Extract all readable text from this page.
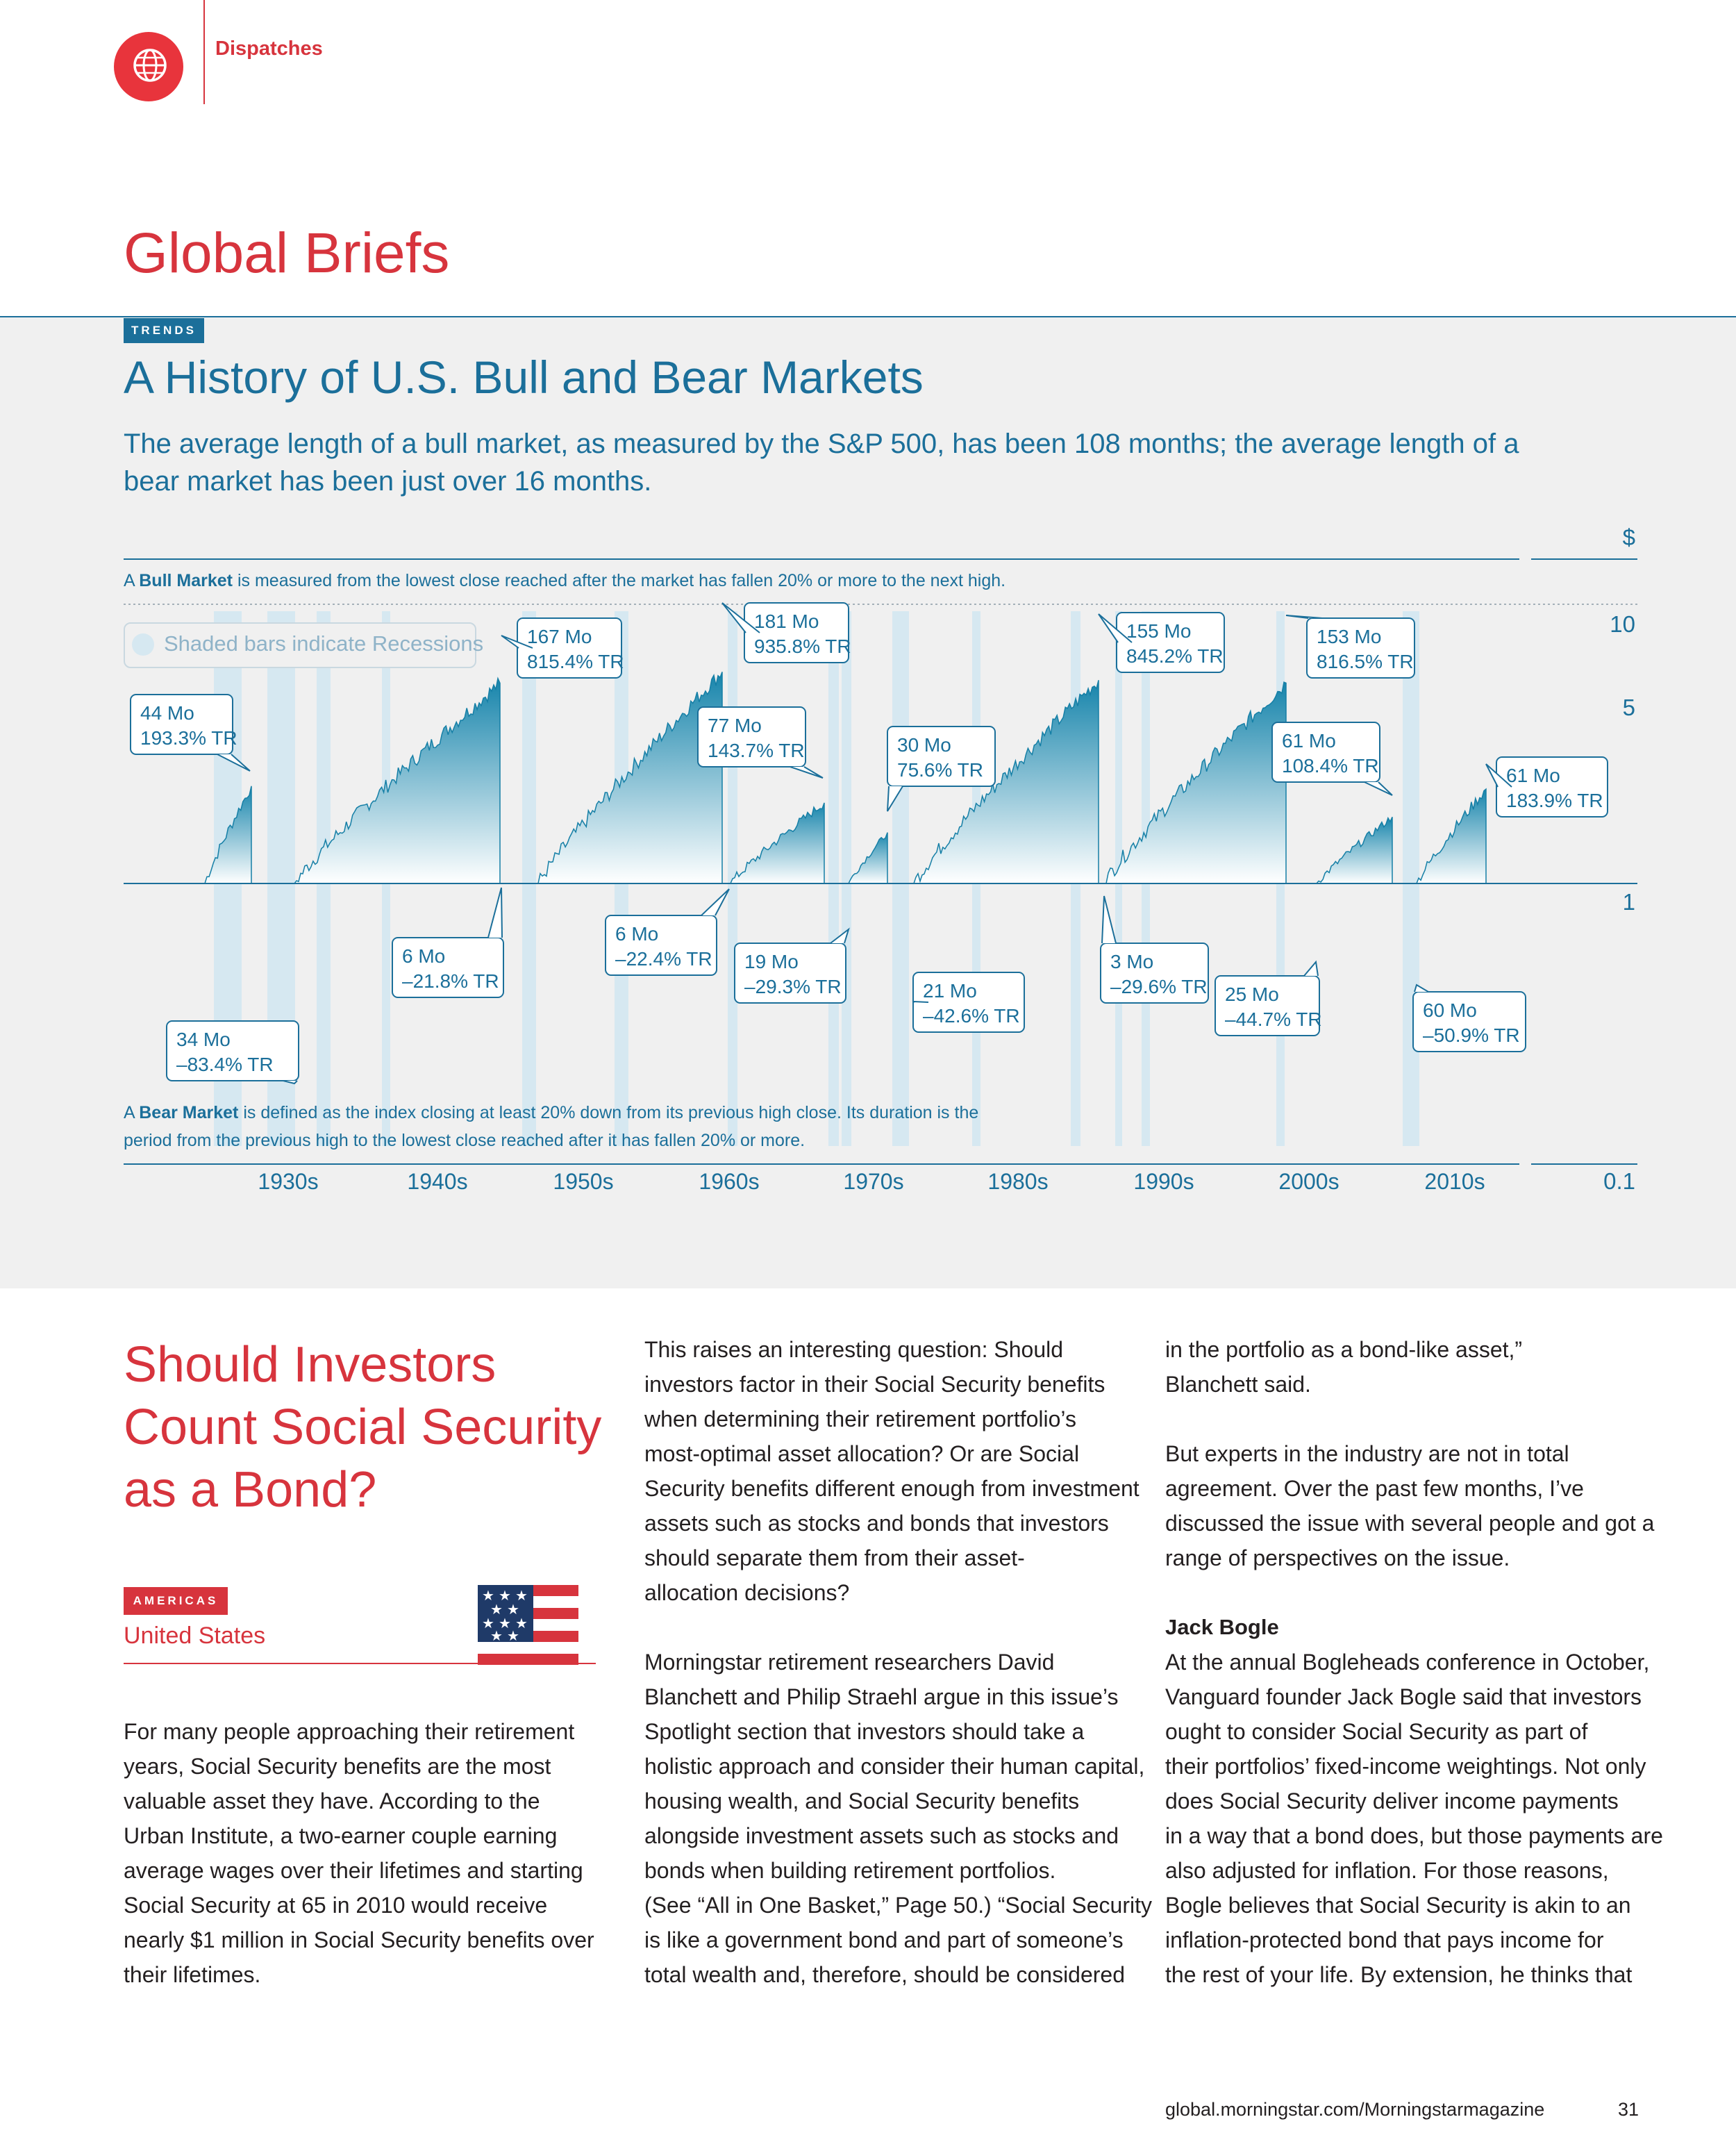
Dispatches
Global Briefs
TRENDS
A History of U.S. Bull and Bear Markets
The average length of a bull market, as measured by the S&P 500, has been 108 months; the average length of a bear market has been just over 16 months.
1930s	1940s	1950s	1960s	1970s	1980s	1990s	2000s	2010s
$
10
5
1
0.1
44 Mo
193.3% TR
167 Mo
815.4% TR
181 Mo
935.8% TR
77 Mo
143.7% TR	30 Mo
75.6% TR
155 Mo
845.2% TR
153 Mo
816.5% TR
61 Mo
108.4% TR	61 Mo
183.9% TR
34 Mo
–83.4% TR
6 Mo
–21.8% TR
6 Mo
–22.4% TR 19 Mo
–29.3% TR	21 Mo
–42.6% TR
3 Mo
–29.6% TR 25 Mo
–44.7% TR	60 Mo
–50.9% TR
A Bull Market is measured from the lowest close reached after the market has fallen 20% or more to the next high.
Shaded bars indicate Recessions
A Bear Market is defined as the index closing at least 20% down from its previous high close. Its duration is the period from the previous high to the lowest close reached after it has fallen 20% or more.
Should Investors
Count Social Security
as a Bond?
AMERICAS
United States
★ ★ ★
★ ★
★ ★ ★
★ ★
For many people approaching their retirement
years, Social Security benefits are the most
valuable asset they have. According to the
Urban Institute, a two-earner couple earning
average wages over their lifetimes and starting
Social Security at 65 in 2010 would receive
nearly $1 million in Social Security benefits over
their lifetimes.
This raises an interesting question: Should
investors factor in their Social Security benefits
when determining their retirement portfolio’s
most-optimal asset allocation? Or are Social
Security benefits different enough from investment
assets such as stocks and bonds that investors
should separate them from their asset-
allocation decisions?
Morningstar retirement researchers David
Blanchett and Philip Straehl argue in this issue’s
Spotlight section that investors should take a
holistic approach and consider their human capital,
housing wealth, and Social Security benefits
alongside investment assets such as stocks and
bonds when building retirement portfolios.
(See “All in One Basket,” Page 50.) “Social Security
is like a government bond and part of someone’s
total wealth and, therefore, should be considered
in the portfolio as a bond-like asset,”
Blanchett said.
But experts in the industry are not in total
agreement. Over the past few months, I’ve
discussed the issue with several people and got a
range of perspectives on the issue.
Jack Bogle
At the annual Bogleheads conference in October,
Vanguard founder Jack Bogle said that investors
ought to consider Social Security as part of
their portfolios’ fixed-income weightings. Not only
does Social Security deliver income payments
in a way that a bond does, but those payments are
also adjusted for inflation. For those reasons,
Bogle believes that Social Security is akin to an
inflation-protected bond that pays income for
the rest of your life. By extension, he thinks that
global.morningstar.com/Morningstarmagazine	31
